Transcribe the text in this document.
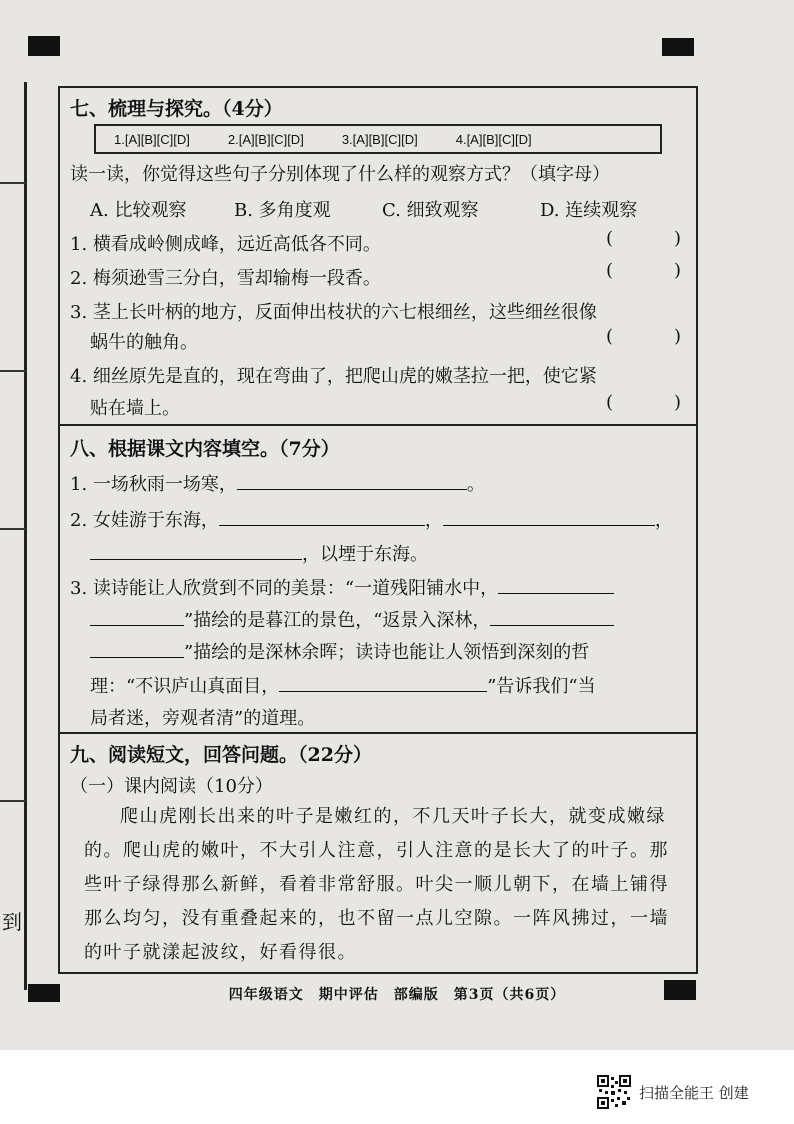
到
七、梳理与探究。（4分）
1. [A] [B] [C] [D]	2. [A] [B] [C] [D]	3. [A] [B] [C] [D]	4. [A] [B] [C] [D]
读一读，你觉得这些句子分别体现了什么样的观察方式？（填字母）
A. 比较观察	B. 多角度观	C. 细致观察	D. 连续观察
1. 横看成岭侧成峰，远近高低各不同。	(	)
2. 梅须逊雪三分白，雪却输梅一段香。	(	)
3. 茎上长叶柄的地方，反面伸出枝状的六七根细丝，这些细丝很像
蜗牛的触角。	(	)
4. 细丝原先是直的，现在弯曲了，把爬山虎的嫩茎拉一把，使它紧
贴在墙上。	(	)
八、根据课文内容填空。（7分）
1. 一场秋雨一场寒，	。
2. 女娃游于东海，	，	，
，以堙于东海。
3. 读诗能让人欣赏到不同的美景：“一道残阳铺水中，
”描绘的是暮江的景色，“返景入深林，
”描绘的是深林余晖；读诗也能让人领悟到深刻的哲
理：“不识庐山真面目，	”告诉我们“当
局者迷，旁观者清”的道理。
九、阅读短文，回答问题。（22分）
（一）课内阅读（10分）
爬山虎刚长出来的叶子是嫩红的，不几天叶子长大，就变成嫩绿的。爬山虎的嫩叶，不大引人注意，引人注意的是长大了的叶子。那些叶子绿得那么新鲜，看着非常舒服。叶尖一顺儿朝下，在墙上铺得那么均匀，没有重叠起来的，也不留一点儿空隙。一阵风拂过，一墙的叶子就漾起波纹，好看得很。
四年级语文　期中评估　部编版　第3页（共6页）
扫描全能王 创建
